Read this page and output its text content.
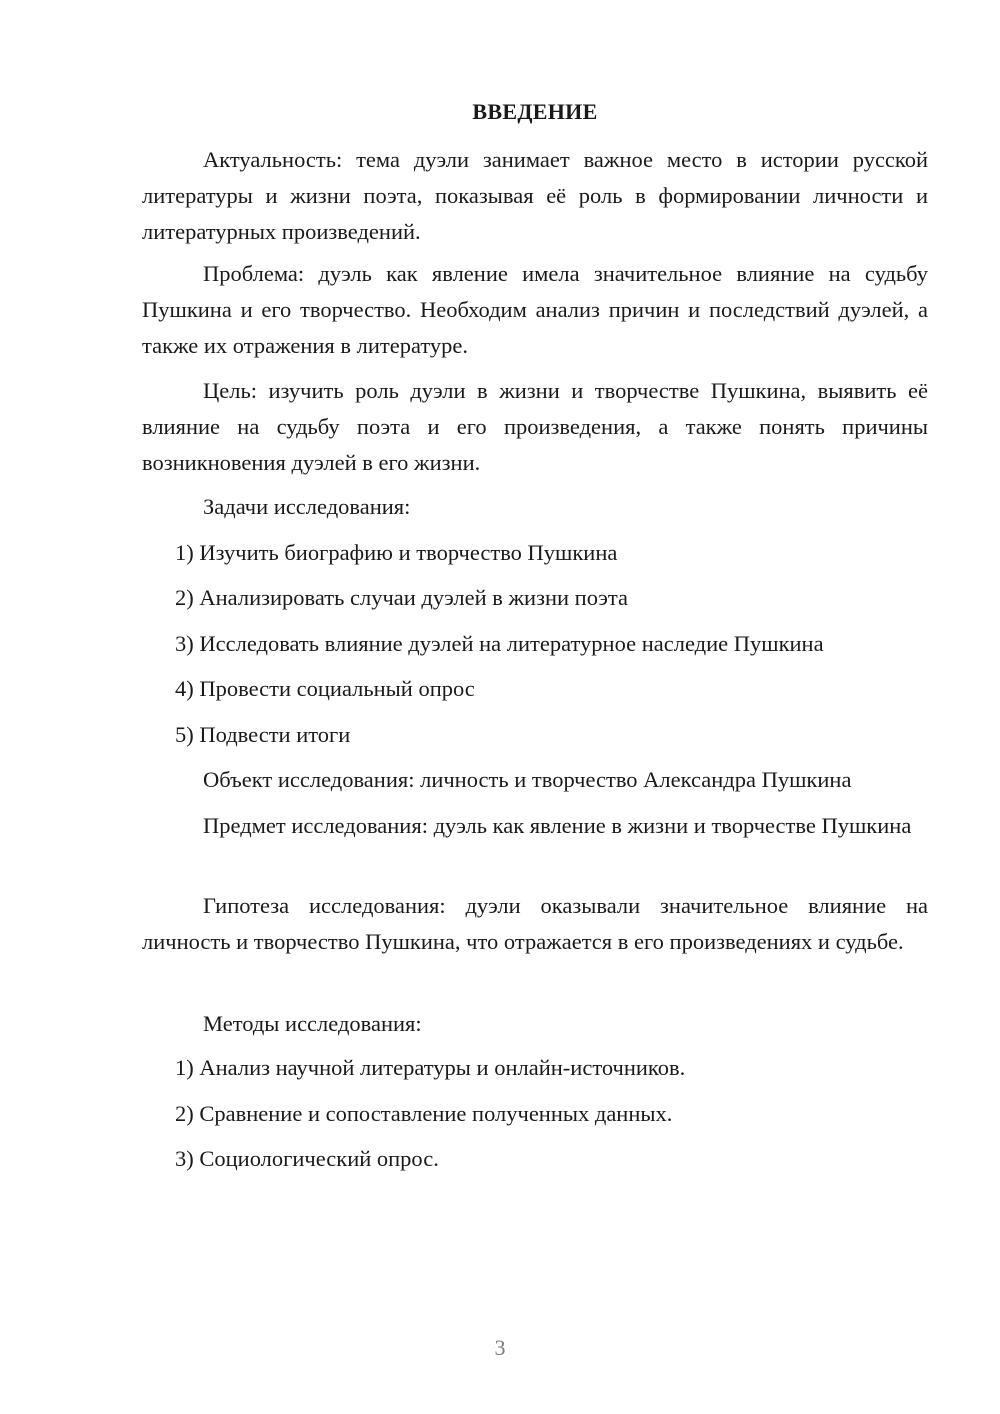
ВВЕДЕНИЕ

Актуальность: тема дуэли занимает важное место в истории русской литературы и жизни поэта, показывая её роль в формировании личности и литературных произведений.

Проблема: дуэль как явление имела значительное влияние на судьбу Пушкина и его творчество. Необходим анализ причин и последствий дуэлей, а также их отражения в литературе.

Цель: изучить роль дуэли в жизни и творчестве Пушкина, выявить её влияние на судьбу поэта и его произведения, а также понять причины возникновения дуэлей в его жизни.

Задачи исследования:

1) Изучить биографию и творчество Пушкина
2) Анализировать случаи дуэлей в жизни поэта
3) Исследовать влияние дуэлей на литературное наследие Пушкина
4) Провести социальный опрос
5) Подвести итоги

Объект исследования: личность и творчество Александра Пушкина

Предмет исследования: дуэль как явление в жизни и творчестве Пушкина

Гипотеза исследования: дуэли оказывали значительное влияние на личность и творчество Пушкина, что отражается в его произведениях и судьбе.

Методы исследования:

1) Анализ научной литературы и онлайн-источников.
2) Сравнение и сопоставление полученных данных.
3) Социологический опрос.
3
